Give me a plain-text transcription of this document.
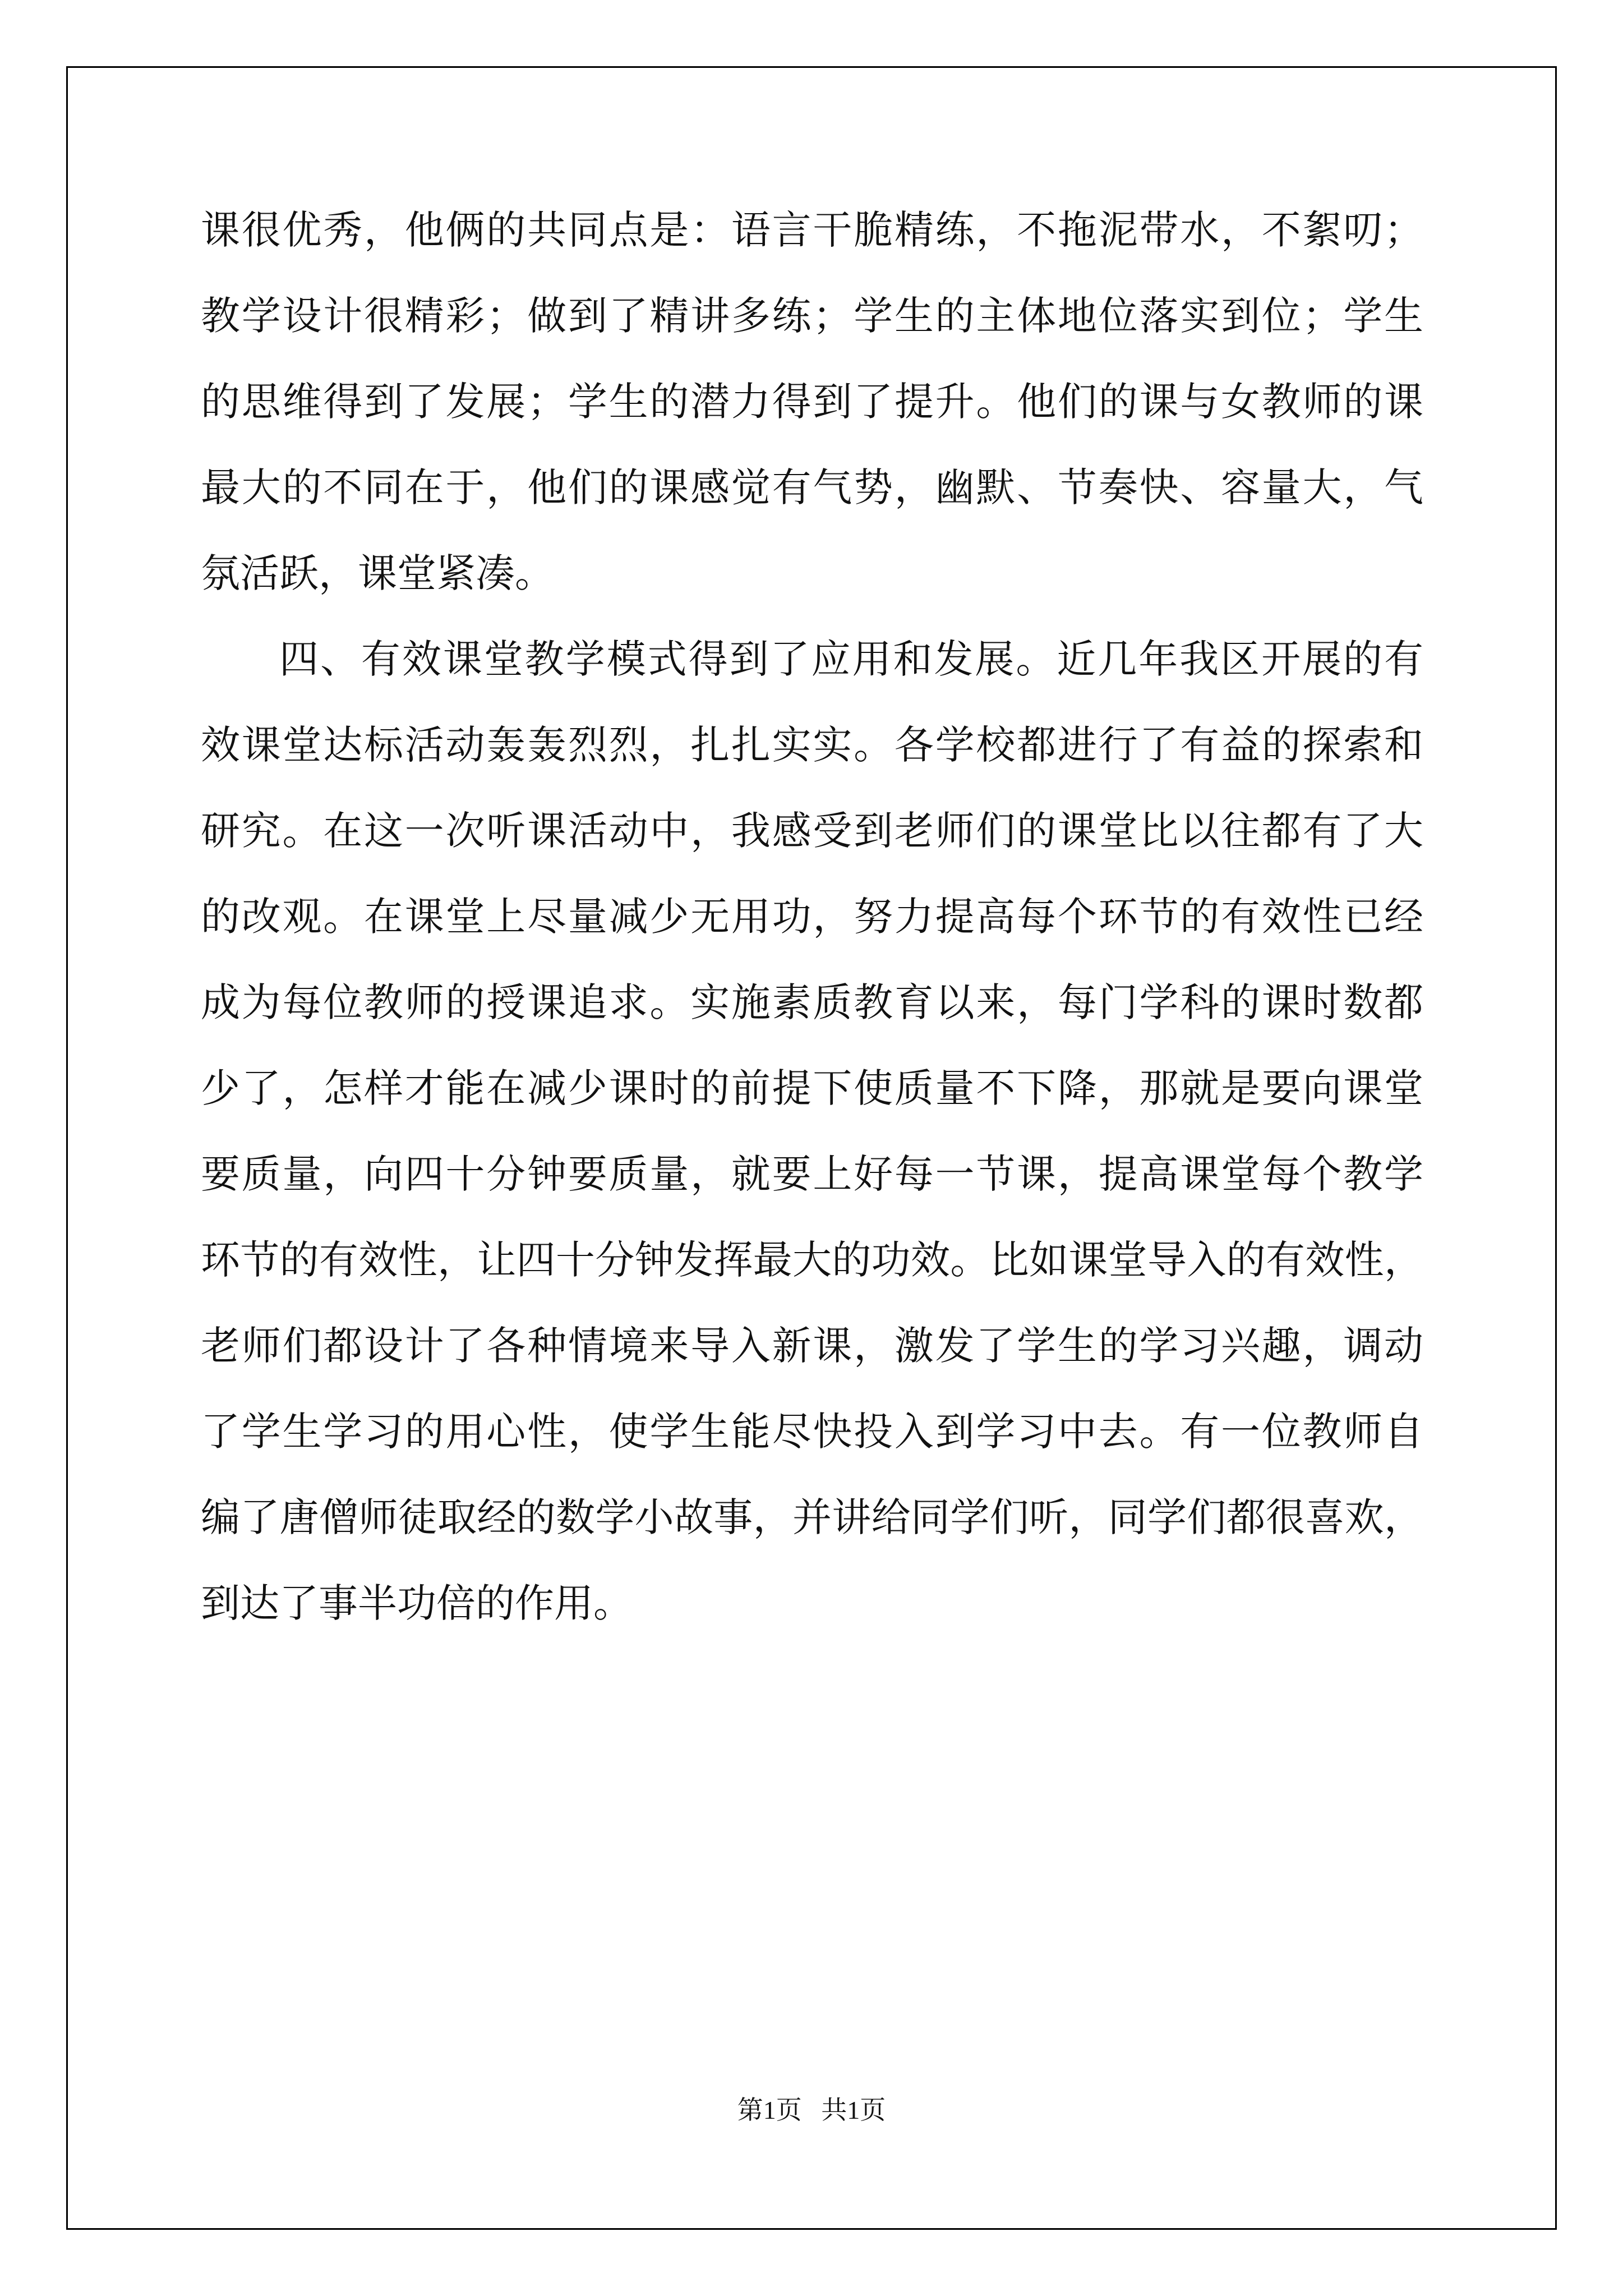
课很优秀，他俩的共同点是：语言干脆精练，不拖泥带水，不絮叨；
教学设计很精彩；做到了精讲多练；学生的主体地位落实到位；学生
的思维得到了发展；学生的潜力得到了提升。他们的课与女教师的课
最大的不同在于，他们的课感觉有气势，幽默、节奏快、容量大，气
氛活跃，课堂紧凑。
四、有效课堂教学模式得到了应用和发展。近几年我区开展的有
效课堂达标活动轰轰烈烈，扎扎实实。各学校都进行了有益的探索和
研究。在这一次听课活动中，我感受到老师们的课堂比以往都有了大
的改观。在课堂上尽量减少无用功，努力提高每个环节的有效性已经
成为每位教师的授课追求。实施素质教育以来，每门学科的课时数都
少了，怎样才能在减少课时的前提下使质量不下降，那就是要向课堂
要质量，向四十分钟要质量，就要上好每一节课，提高课堂每个教学
环节的有效性，让四十分钟发挥最大的功效。比如课堂导入的有效性，
老师们都设计了各种情境来导入新课，激发了学生的学习兴趣，调动
了学生学习的用心性，使学生能尽快投入到学习中去。有一位教师自
编了唐僧师徒取经的数学小故事，并讲给同学们听，同学们都很喜欢，
到达了事半功倍的作用。
第1页   共1页
